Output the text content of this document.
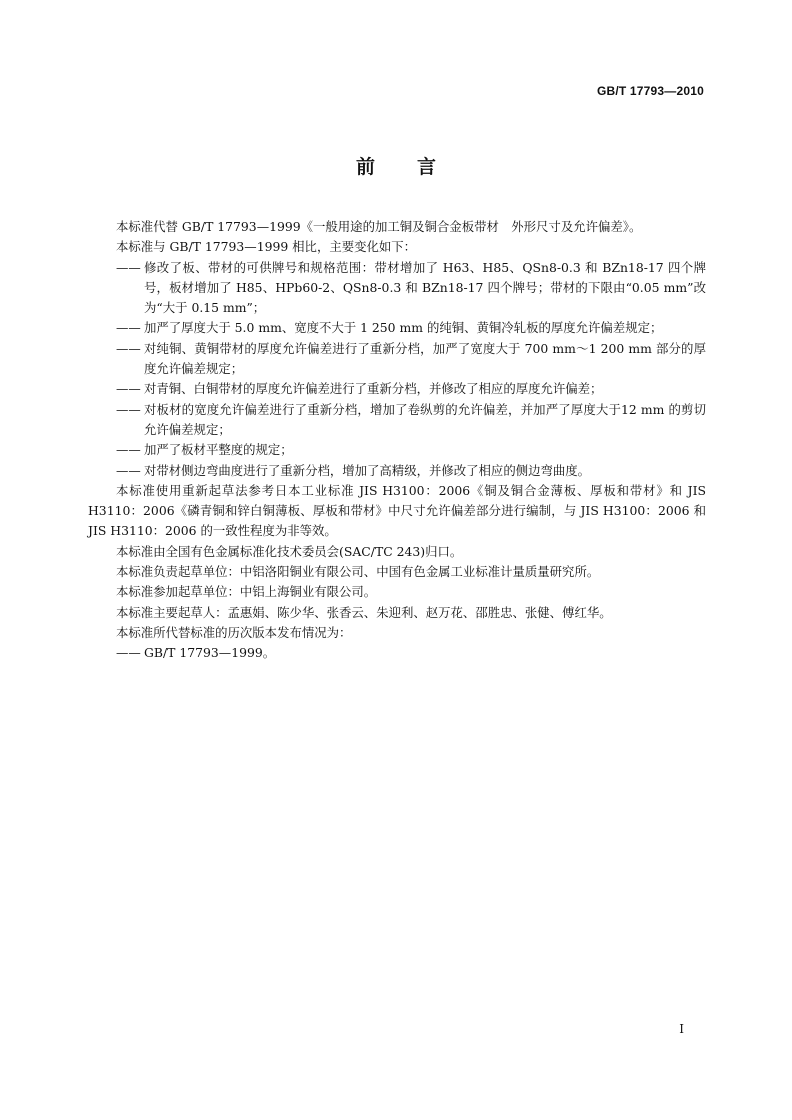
GB/T 17793—2010
前言

本标准代替 GB/T 17793—1999《一般用途的加工铜及铜合金板带材　外形尺寸及允许偏差》。

本标准与 GB/T 17793—1999 相比，主要变化如下：

—— 修改了板、带材的可供牌号和规格范围：带材增加了 H63、H85、QSn8-0.3 和 BZn18-17 四个牌号，板材增加了 H85、HPb60-2、QSn8-0.3 和 BZn18-17 四个牌号；带材的下限由“0.05 mm”改为“大于 0.15 mm”；

—— 加严了厚度大于 5.0 mm、宽度不大于 1 250 mm 的纯铜、黄铜冷轧板的厚度允许偏差规定；

—— 对纯铜、黄铜带材的厚度允许偏差进行了重新分档，加严了宽度大于 700 mm～1 200 mm 部分的厚度允许偏差规定；

—— 对青铜、白铜带材的厚度允许偏差进行了重新分档，并修改了相应的厚度允许偏差；

—— 对板材的宽度允许偏差进行了重新分档，增加了卷纵剪的允许偏差，并加严了厚度大于12 mm 的剪切允许偏差规定；

—— 加严了板材平整度的规定；

—— 对带材侧边弯曲度进行了重新分档，增加了高精级，并修改了相应的侧边弯曲度。

本标准使用重新起草法参考日本工业标准 JIS H3100：2006《铜及铜合金薄板、厚板和带材》和 JIS H3110：2006《磷青铜和锌白铜薄板、厚板和带材》中尺寸允许偏差部分进行编制，与 JIS H3100：2006 和 JIS H3110：2006 的一致性程度为非等效。

本标准由全国有色金属标准化技术委员会(SAC/TC 243)归口。

本标准负责起草单位：中铝洛阳铜业有限公司、中国有色金属工业标准计量质量研究所。

本标准参加起草单位：中铝上海铜业有限公司。

本标准主要起草人：孟惠娟、陈少华、张香云、朱迎利、赵万花、邵胜忠、张健、傅红华。

本标准所代替标准的历次版本发布情况为：

—— GB/T 17793—1999。

I
